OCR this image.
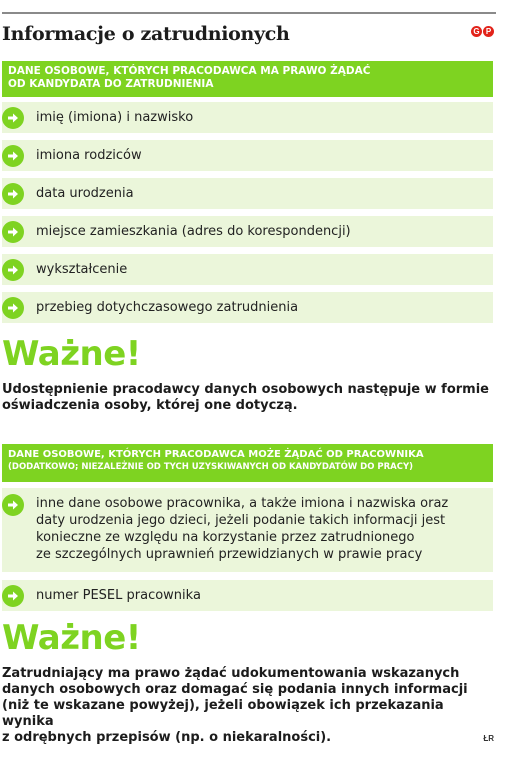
Informacje o zatrudnionych	G P
DANE OSOBOWE, KTÓRYCH PRACODAWCA MA PRAWO ŻĄDAĆ
OD KANDYDATA DO ZATRUDNIENIA
imię (imiona) i nazwisko
imiona rodziców
data urodzenia
miejsce zamieszkania (adres do korespondencji)
wykształcenie
przebieg dotychczasowego zatrudnienia
Ważne!
Udostępnienie pracodawcy danych osobowych następuje w formie
oświadczenia osoby, której one dotyczą.
DANE OSOBOWE, KTÓRYCH PRACODAWCA MOŻE ŻĄDAĆ OD PRACOWNIKA
(DODATKOWO; NIEZALEŻNIE OD TYCH UZYSKIWANYCH OD KANDYDATÓW DO PRACY)
inne dane osobowe pracownika, a także imiona i nazwiska oraz
daty urodzenia jego dzieci, jeżeli podanie takich informacji jest
konieczne ze względu na korzystanie przez zatrudnionego
ze szczególnych uprawnień przewidzianych w prawie pracy
numer PESEL pracownika
Ważne!
Zatrudniający ma prawo żądać udokumentowania wskazanych
danych osobowych oraz domagać się podania innych informacji
(niż te wskazane powyżej), jeżeli obowiązek ich przekazania wynika
z odrębnych przepisów (np. o niekaralności).	ŁR
